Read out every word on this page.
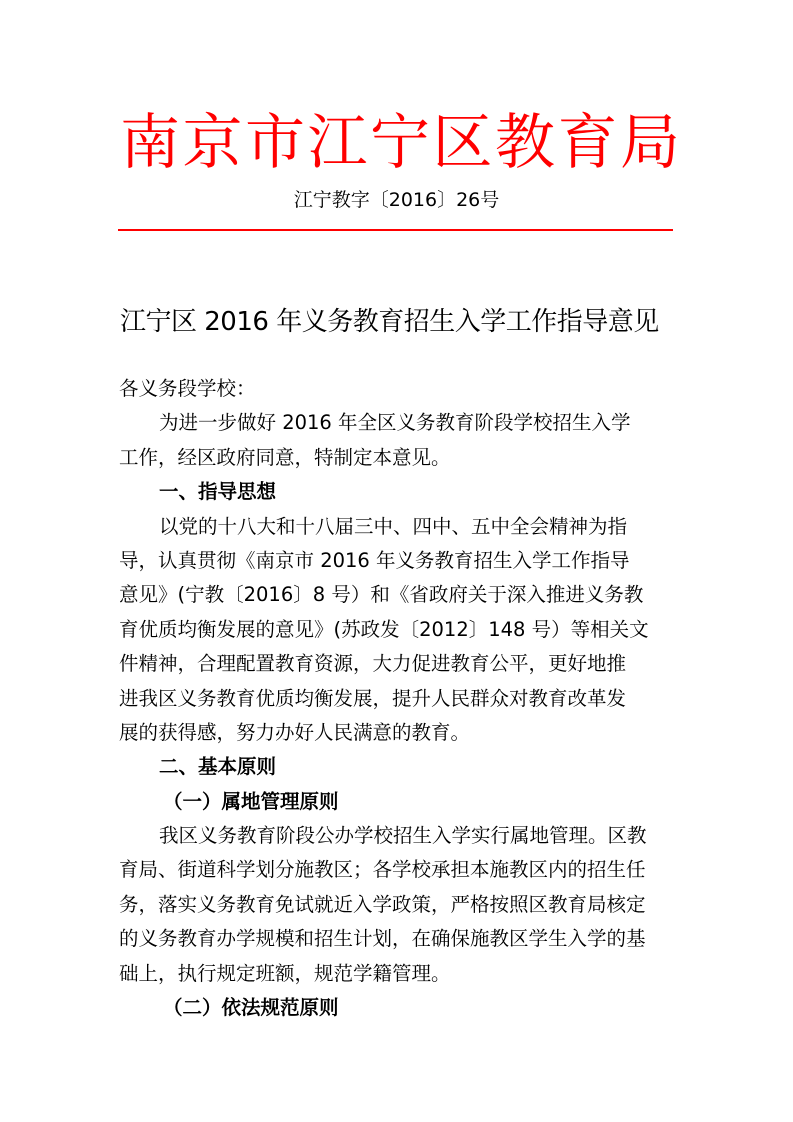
南 京 市 江 宁 区 教 育 局
江宁教字〔2016〕26号
江宁区 2016 年义务教育招生入学工作指导意见
各义务段学校：
为进一步做好 2016 年全区义务教育阶段学校招生入学
工作，经区政府同意，特制定本意见。
一、指导思想
以党的十八大和十八届三中、四中、五中全会精神为指
导，认真贯彻《南京市 2016 年义务教育招生入学工作指导
意见》(宁教〔2016〕8 号）和《省政府关于深入推进义务教
育优质均衡发展的意见》(苏政发〔2012〕148 号）等相关文
件精神，合理配置教育资源，大力促进教育公平，更好地推
进我区义务教育优质均衡发展，提升人民群众对教育改革发
展的获得感，努力办好人民满意的教育。
二、基本原则
（一）属地管理原则
我区义务教育阶段公办学校招生入学实行属地管理。区教
育局、街道科学划分施教区；各学校承担本施教区内的招生任
务，落实义务教育免试就近入学政策，严格按照区教育局核定
的义务教育办学规模和招生计划，在确保施教区学生入学的基
础上，执行规定班额，规范学籍管理。
（二）依法规范原则
